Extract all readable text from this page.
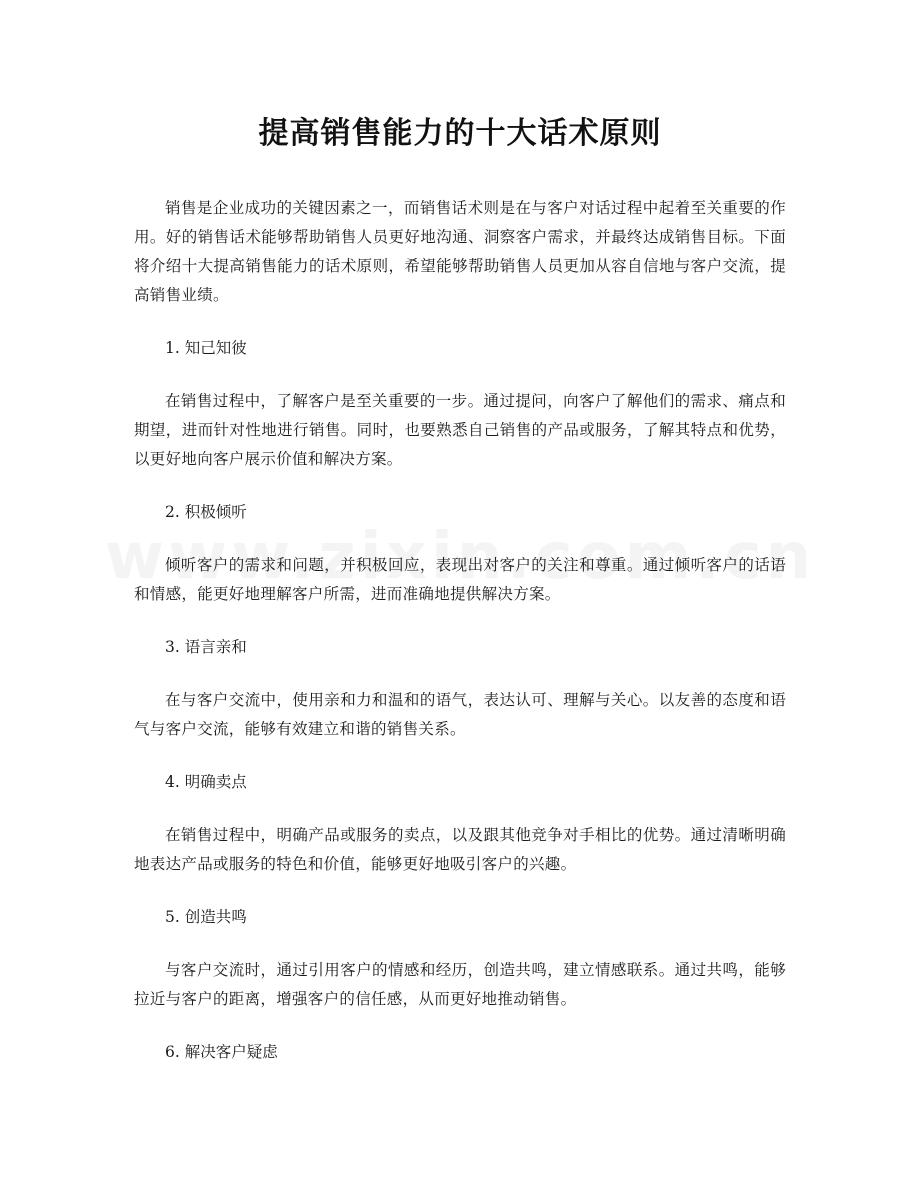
提高销售能力的十大话术原则

销售是企业成功的关键因素之一，而销售话术则是在与客户对话过程中起着至关重要的作用。好的销售话术能够帮助销售人员更好地沟通、洞察客户需求，并最终达成销售目标。下面将介绍十大提高销售能力的话术原则，希望能够帮助销售人员更加从容自信地与客户交流，提高销售业绩。

1. 知己知彼

在销售过程中，了解客户是至关重要的一步。通过提问，向客户了解他们的需求、痛点和期望，进而针对性地进行销售。同时，也要熟悉自己销售的产品或服务，了解其特点和优势，以更好地向客户展示价值和解决方案。

2. 积极倾听

倾听客户的需求和问题，并积极回应，表现出对客户的关注和尊重。通过倾听客户的话语和情感，能更好地理解客户所需，进而准确地提供解决方案。

3. 语言亲和

在与客户交流中，使用亲和力和温和的语气，表达认可、理解与关心。以友善的态度和语气与客户交流，能够有效建立和谐的销售关系。

4. 明确卖点

在销售过程中，明确产品或服务的卖点，以及跟其他竞争对手相比的优势。通过清晰明确地表达产品或服务的特色和价值，能够更好地吸引客户的兴趣。

5. 创造共鸣

与客户交流时，通过引用客户的情感和经历，创造共鸣，建立情感联系。通过共鸣，能够拉近与客户的距离，增强客户的信任感，从而更好地推动销售。

6. 解决客户疑虑
